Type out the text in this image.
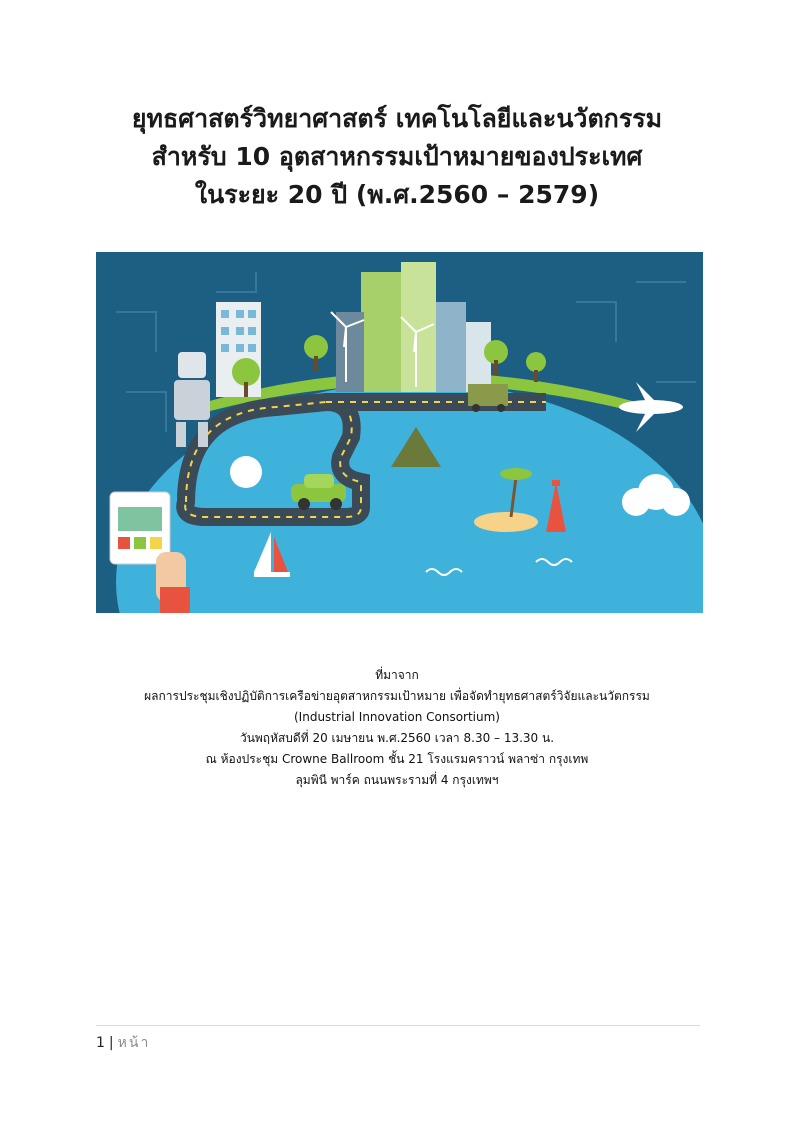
ยุทธศาสตร์วิทยาศาสตร์ เทคโนโลยีและนวัตกรรม
สำหรับ 10 อุตสาหกรรมเป้าหมายของประเทศ
ในระยะ 20 ปี (พ.ศ.2560 – 2579)
ที่มาจาก
ผลการประชุมเชิงปฏิบัติการเครือข่ายอุตสาหกรรมเป้าหมาย เพื่อจัดทำยุทธศาสตร์วิจัยและนวัตกรรม
(Industrial Innovation Consortium)
วันพฤหัสบดีที่ 20 เมษายน พ.ศ.2560 เวลา 8.30 – 13.30 น.
ณ ห้องประชุม Crowne Ballroom ชั้น 21 โรงแรมคราวน์ พลาซ่า กรุงเทพ
ลุมพินี พาร์ค ถนนพระรามที่ 4 กรุงเทพฯ
1 | หน้า
